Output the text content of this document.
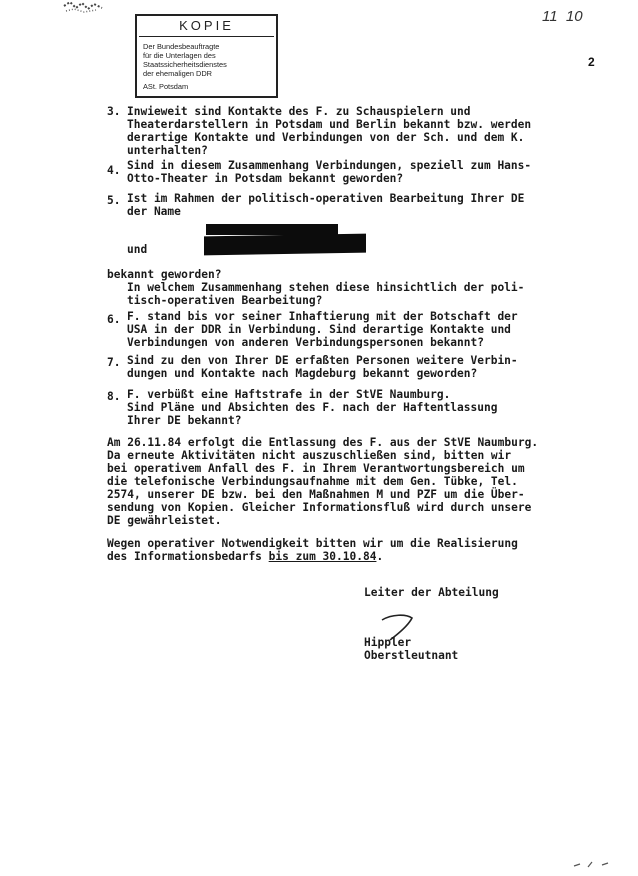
11  10
KOPIE
Der Bundesbeauftragte
für die Unterlagen des
Staatssicherheitsdienstes
der ehemaligen DDR
ASt. Potsdam
2
3. Inwieweit sind Kontakte des F. zu Schauspielern und
Theaterdarstellern in Potsdam und Berlin bekannt bzw. werden
derartige Kontakte und Verbindungen von der Sch. und dem K.
unterhalten?
4. Sind in diesem Zusammenhang Verbindungen, speziell zum Hans-
Otto-Theater in Potsdam bekannt geworden?
5. Ist im Rahmen der politisch-operativen Bearbeitung Ihrer DE
der Name
und
bekannt geworden?
In welchem Zusammenhang stehen diese hinsichtlich der poli-
tisch-operativen Bearbeitung?
6. F. stand bis vor seiner Inhaftierung mit der Botschaft der
USA in der DDR in Verbindung. Sind derartige Kontakte und
Verbindungen von anderen Verbindungspersonen bekannt?
7. Sind zu den von Ihrer DE erfaßten Personen weitere Verbin-
dungen und Kontakte nach Magdeburg bekannt geworden?
8. F. verbüßt eine Haftstrafe in der StVE Naumburg.
Sind Pläne und Absichten des F. nach der Haftentlassung
Ihrer DE bekannt?
Am 26.11.84 erfolgt die Entlassung des F. aus der StVE Naumburg.
Da erneute Aktivitäten nicht auszuschließen sind, bitten wir
bei operativem Anfall des F. in Ihrem Verantwortungsbereich um
die telefonische Verbindungsaufnahme mit dem Gen. Tübke, Tel.
2574, unserer DE bzw. bei den Maßnahmen M und PZF um die Über-
sendung von Kopien. Gleicher Informationsfluß wird durch unsere
DE gewährleistet.
Wegen operativer Notwendigkeit bitten wir um die Realisierung
des Informationsbedarfs bis zum 30.10.84.
Leiter der Abteilung
Hippler
Oberstleutnant
